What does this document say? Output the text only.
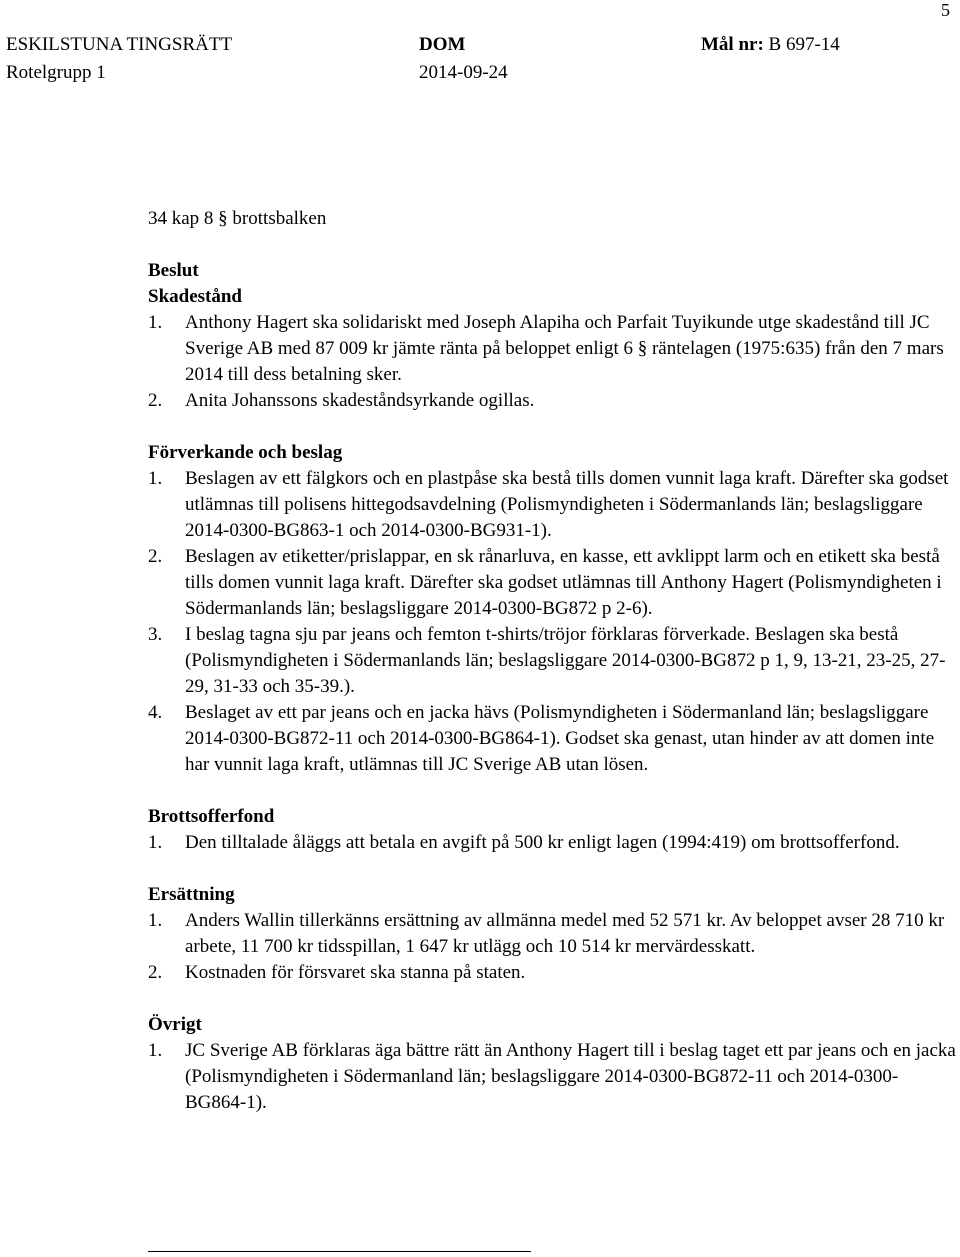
5
ESKILSTUNA TINGSRÄTT	DOM	Mål nr: B 697-14
Rotelgrupp 1	2014-09-24
34 kap 8 § brottsbalken
Beslut
Skadestånd
1.	Anthony Hagert ska solidariskt med Joseph Alapiha och Parfait Tuyikunde utge skadestånd till JC Sverige AB med 87 009 kr jämte ränta på beloppet enligt 6 § räntelagen (1975:635) från den 7 mars 2014 till dess betalning sker.
2.	Anita Johanssons skadeståndsyrkande ogillas.
Förverkande och beslag
1.	Beslagen av ett fälgkors och en plastpåse ska bestå tills domen vunnit laga kraft. Därefter ska godset utlämnas till polisens hittegodsavdelning (Polismyndigheten i Södermanlands län; beslagsliggare 2014-0300-BG863-1 och 2014-0300-BG931-1).
2.	Beslagen av etiketter/prislappar, en sk rånarluva, en kasse, ett avklippt larm och en etikett ska bestå tills domen vunnit laga kraft. Därefter ska godset utlämnas till Anthony Hagert (Polismyndigheten i Södermanlands län; beslagsliggare 2014-0300-BG872 p 2-6).
3.	I beslag tagna sju par jeans och femton t-shirts/tröjor förklaras förverkade. Beslagen ska bestå (Polismyndigheten i Södermanlands län; beslagsliggare 2014-0300-BG872 p 1, 9, 13-21, 23-25, 27-29, 31-33 och 35-39.).
4.	Beslaget av ett par jeans och en jacka hävs (Polismyndigheten i Södermanland län; beslagsliggare 2014-0300-BG872-11 och 2014-0300-BG864-1). Godset ska genast, utan hinder av att domen inte har vunnit laga kraft, utlämnas till JC Sverige AB utan lösen.
Brottsofferfond
1.	Den tilltalade åläggs att betala en avgift på 500 kr enligt lagen (1994:419) om brottsofferfond.
Ersättning
1.	Anders Wallin tillerkänns ersättning av allmänna medel med 52 571 kr. Av beloppet avser 28 710 kr arbete, 11 700 kr tidsspillan, 1 647 kr utlägg och 10 514 kr mervärdesskatt.
2.	Kostnaden för försvaret ska stanna på staten.
Övrigt
1.	JC Sverige AB förklaras äga bättre rätt än Anthony Hagert till i beslag taget ett par jeans och en jacka (Polismyndigheten i Södermanland län; beslagsliggare 2014-0300-BG872-11 och 2014-0300-BG864-1).
